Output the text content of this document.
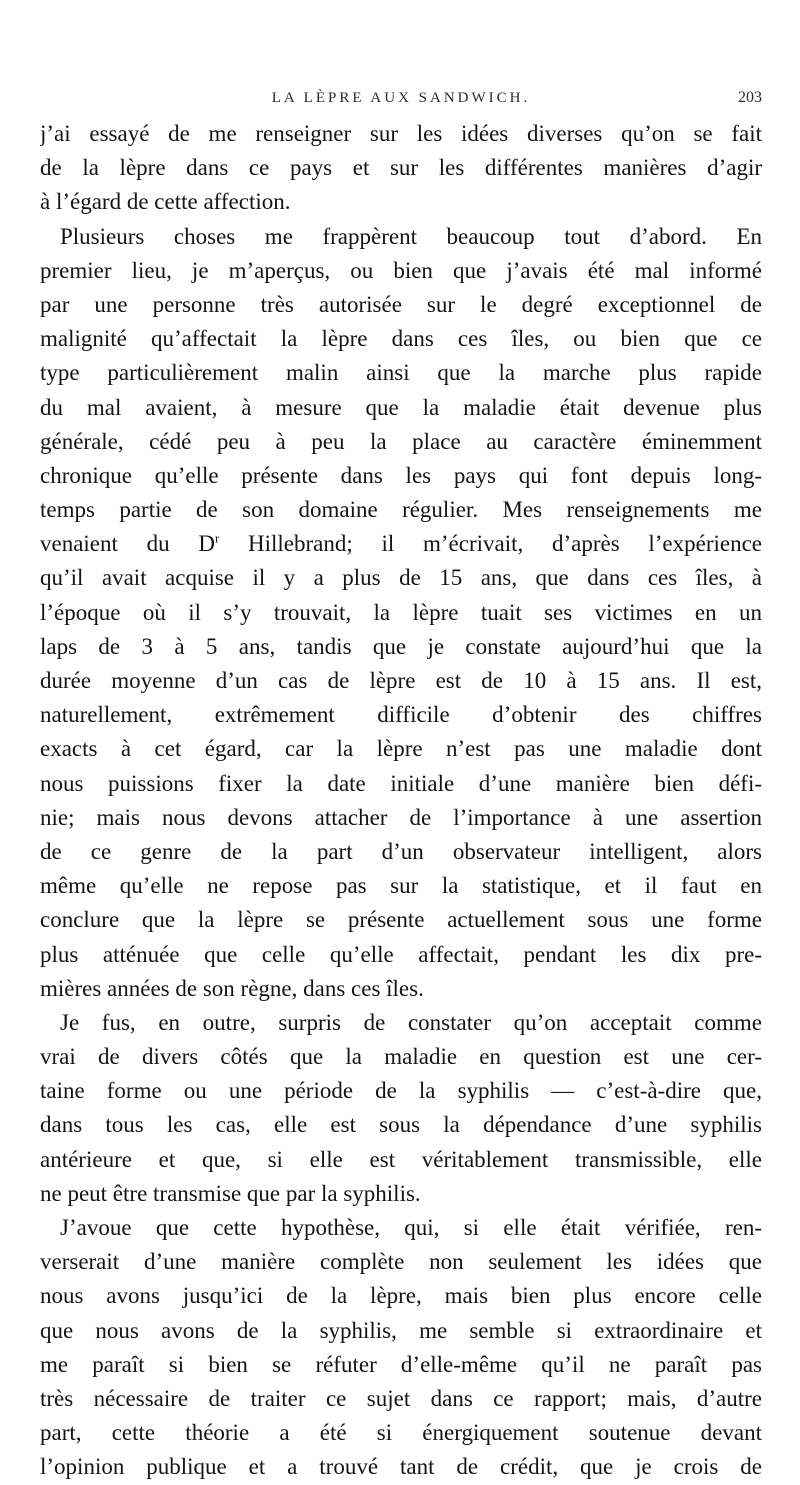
LA LÈPRE AUX SANDWICH.	203
j’ai essayé de me renseigner sur les idées diverses qu’on se fait
de la lèpre dans ce pays et sur les différentes manières d’agir
à l’égard de cette affection.
Plusieurs choses me frappèrent beaucoup tout d’abord. En
premier lieu, je m’aperçus, ou bien que j’avais été mal informé
par une personne très autorisée sur le degré exceptionnel de
malignité qu’affectait la lèpre dans ces îles, ou bien que ce
type particulièrement malin ainsi que la marche plus rapide
du mal avaient, à mesure que la maladie était devenue plus
générale, cédé peu à peu la place au caractère éminemment
chronique qu’elle présente dans les pays qui font depuis long-
temps partie de son domaine régulier. Mes renseignements me
venaient du $D^r$ Hillebrand; il m’écrivait, d’après l’expérience
qu’il avait acquise il y a plus de 15 ans, que dans ces îles, à
l’époque où il s’y trouvait, la lèpre tuait ses victimes en un
laps de 3 à 5 ans, tandis que je constate aujourd’hui que la
durée moyenne d’un cas de lèpre est de 10 à 15 ans. Il est,
naturellement, extrêmement difficile d’obtenir des chiffres
exacts à cet égard, car la lèpre n’est pas une maladie dont
nous puissions fixer la date initiale d’une manière bien défi-
nie; mais nous devons attacher de l’importance à une assertion
de ce genre de la part d’un observateur intelligent, alors
même qu’elle ne repose pas sur la statistique, et il faut en
conclure que la lèpre se présente actuellement sous une forme
plus atténuée que celle qu’elle affectait, pendant les dix pre-
mières années de son règne, dans ces îles.
Je fus, en outre, surpris de constater qu’on acceptait comme
vrai de divers côtés que la maladie en question est une cer-
taine forme ou une période de la syphilis — c’est-à-dire que,
dans tous les cas, elle est sous la dépendance d’une syphilis
antérieure et que, si elle est véritablement transmissible, elle
ne peut être transmise que par la syphilis.
J’avoue que cette hypothèse, qui, si elle était vérifiée, ren-
verserait d’une manière complète non seulement les idées que
nous avons jusqu’ici de la lèpre, mais bien plus encore celle
que nous avons de la syphilis, me semble si extraordinaire et
me paraît si bien se réfuter d’elle-même qu’il ne paraît pas
très nécessaire de traiter ce sujet dans ce rapport; mais, d’autre
part, cette théorie a été si énergiquement soutenue devant
l’opinion publique et a trouvé tant de crédit, que je crois de
